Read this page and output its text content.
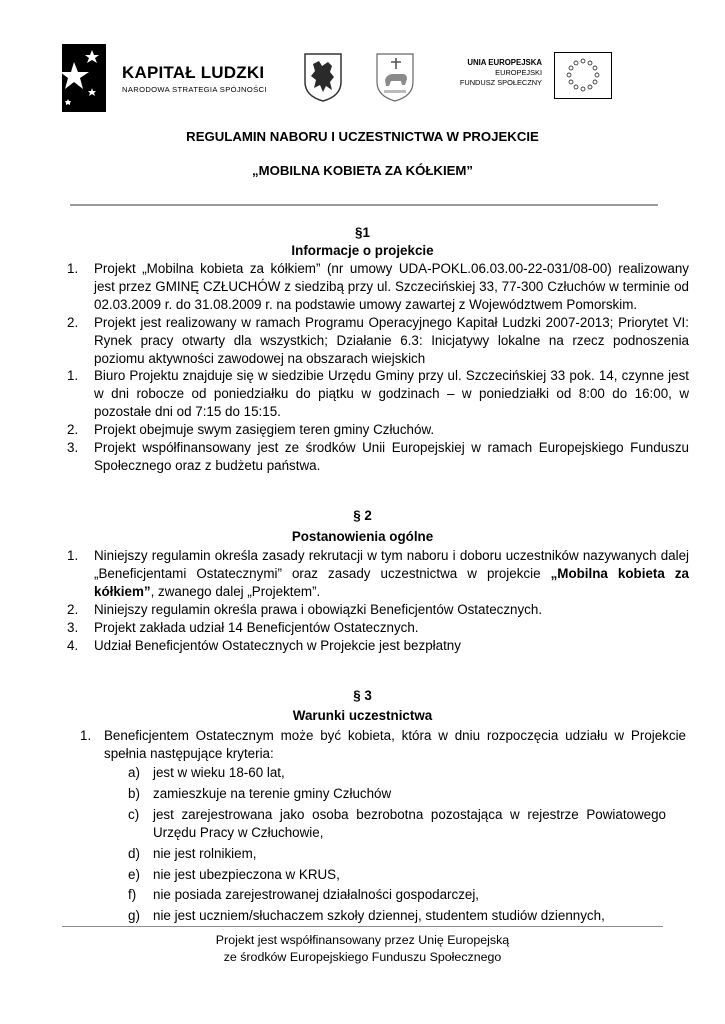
KAPITAŁ LUDZKI
NARODOWA STRATEGIA SPÓJNOŚCI
UNIA EUROPEJSKA
EUROPEJSKI
FUNDUSZ SPOŁECZNY
REGULAMIN NABORU I UCZESTNICTWA W PROJEKCIE
„MOBILNA KOBIETA ZA KÓŁKIEM”
§1
Informacje o projekcie
1. Projekt „Mobilna kobieta za kółkiem” (nr umowy UDA-POKL.06.03.00-22-031/08-00) realizowany jest przez GMINĘ CZŁUCHÓW z siedzibą przy ul. Szczecińskiej 33, 77-300 Człuchów w terminie od 02.03.2009 r. do 31.08.2009 r. na podstawie umowy zawartej z Województwem Pomorskim.
2. Projekt jest realizowany w ramach Programu Operacyjnego Kapitał Ludzki 2007-2013; Priorytet VI: Rynek pracy otwarty dla wszystkich; Działanie 6.3: Inicjatywy lokalne na rzecz podnoszenia poziomu aktywności zawodowej na obszarach wiejskich
1. Biuro Projektu znajduje się w siedzibie Urzędu Gminy przy ul. Szczecińskiej 33 pok. 14, czynne jest w dni robocze od poniedziałku do piątku w godzinach – w poniedziałki od 8:00 do 16:00, w pozostałe dni od 7:15 do 15:15.
2. Projekt obejmuje swym zasięgiem teren gminy Człuchów.
3. Projekt współfinansowany jest ze środków Unii Europejskiej w ramach Europejskiego Funduszu Społecznego oraz z budżetu państwa.
§ 2
Postanowienia ogólne
1. Niniejszy regulamin określa zasady rekrutacji w tym naboru i doboru uczestników nazywanych dalej „Beneficjentami Ostatecznymi” oraz zasady uczestnictwa w projekcie „Mobilna kobieta za kółkiem”, zwanego dalej „Projektem”.
2. Niniejszy regulamin określa prawa i obowiązki Beneficjentów Ostatecznych.
3. Projekt zakłada udział 14 Beneficjentów Ostatecznych.
4. Udział Beneficjentów Ostatecznych w Projekcie jest bezpłatny
§ 3
Warunki uczestnictwa
1. Beneficjentem Ostatecznym może być kobieta, która w dniu rozpoczęcia udziału w Projekcie spełnia następujące kryteria:
a) jest w wieku 18-60 lat,
b) zamieszkuje na terenie gminy Człuchów
c) jest zarejestrowana jako osoba bezrobotna pozostająca w rejestrze Powiatowego Urzędu Pracy w Człuchowie,
d) nie jest rolnikiem,
e) nie jest ubezpieczona w KRUS,
f) nie posiada zarejestrowanej działalności gospodarczej,
g) nie jest uczniem/słuchaczem szkoły dziennej, studentem studiów dziennych,
Projekt jest współfinansowany przez Unię Europejską
ze środków Europejskiego Funduszu Społecznego
